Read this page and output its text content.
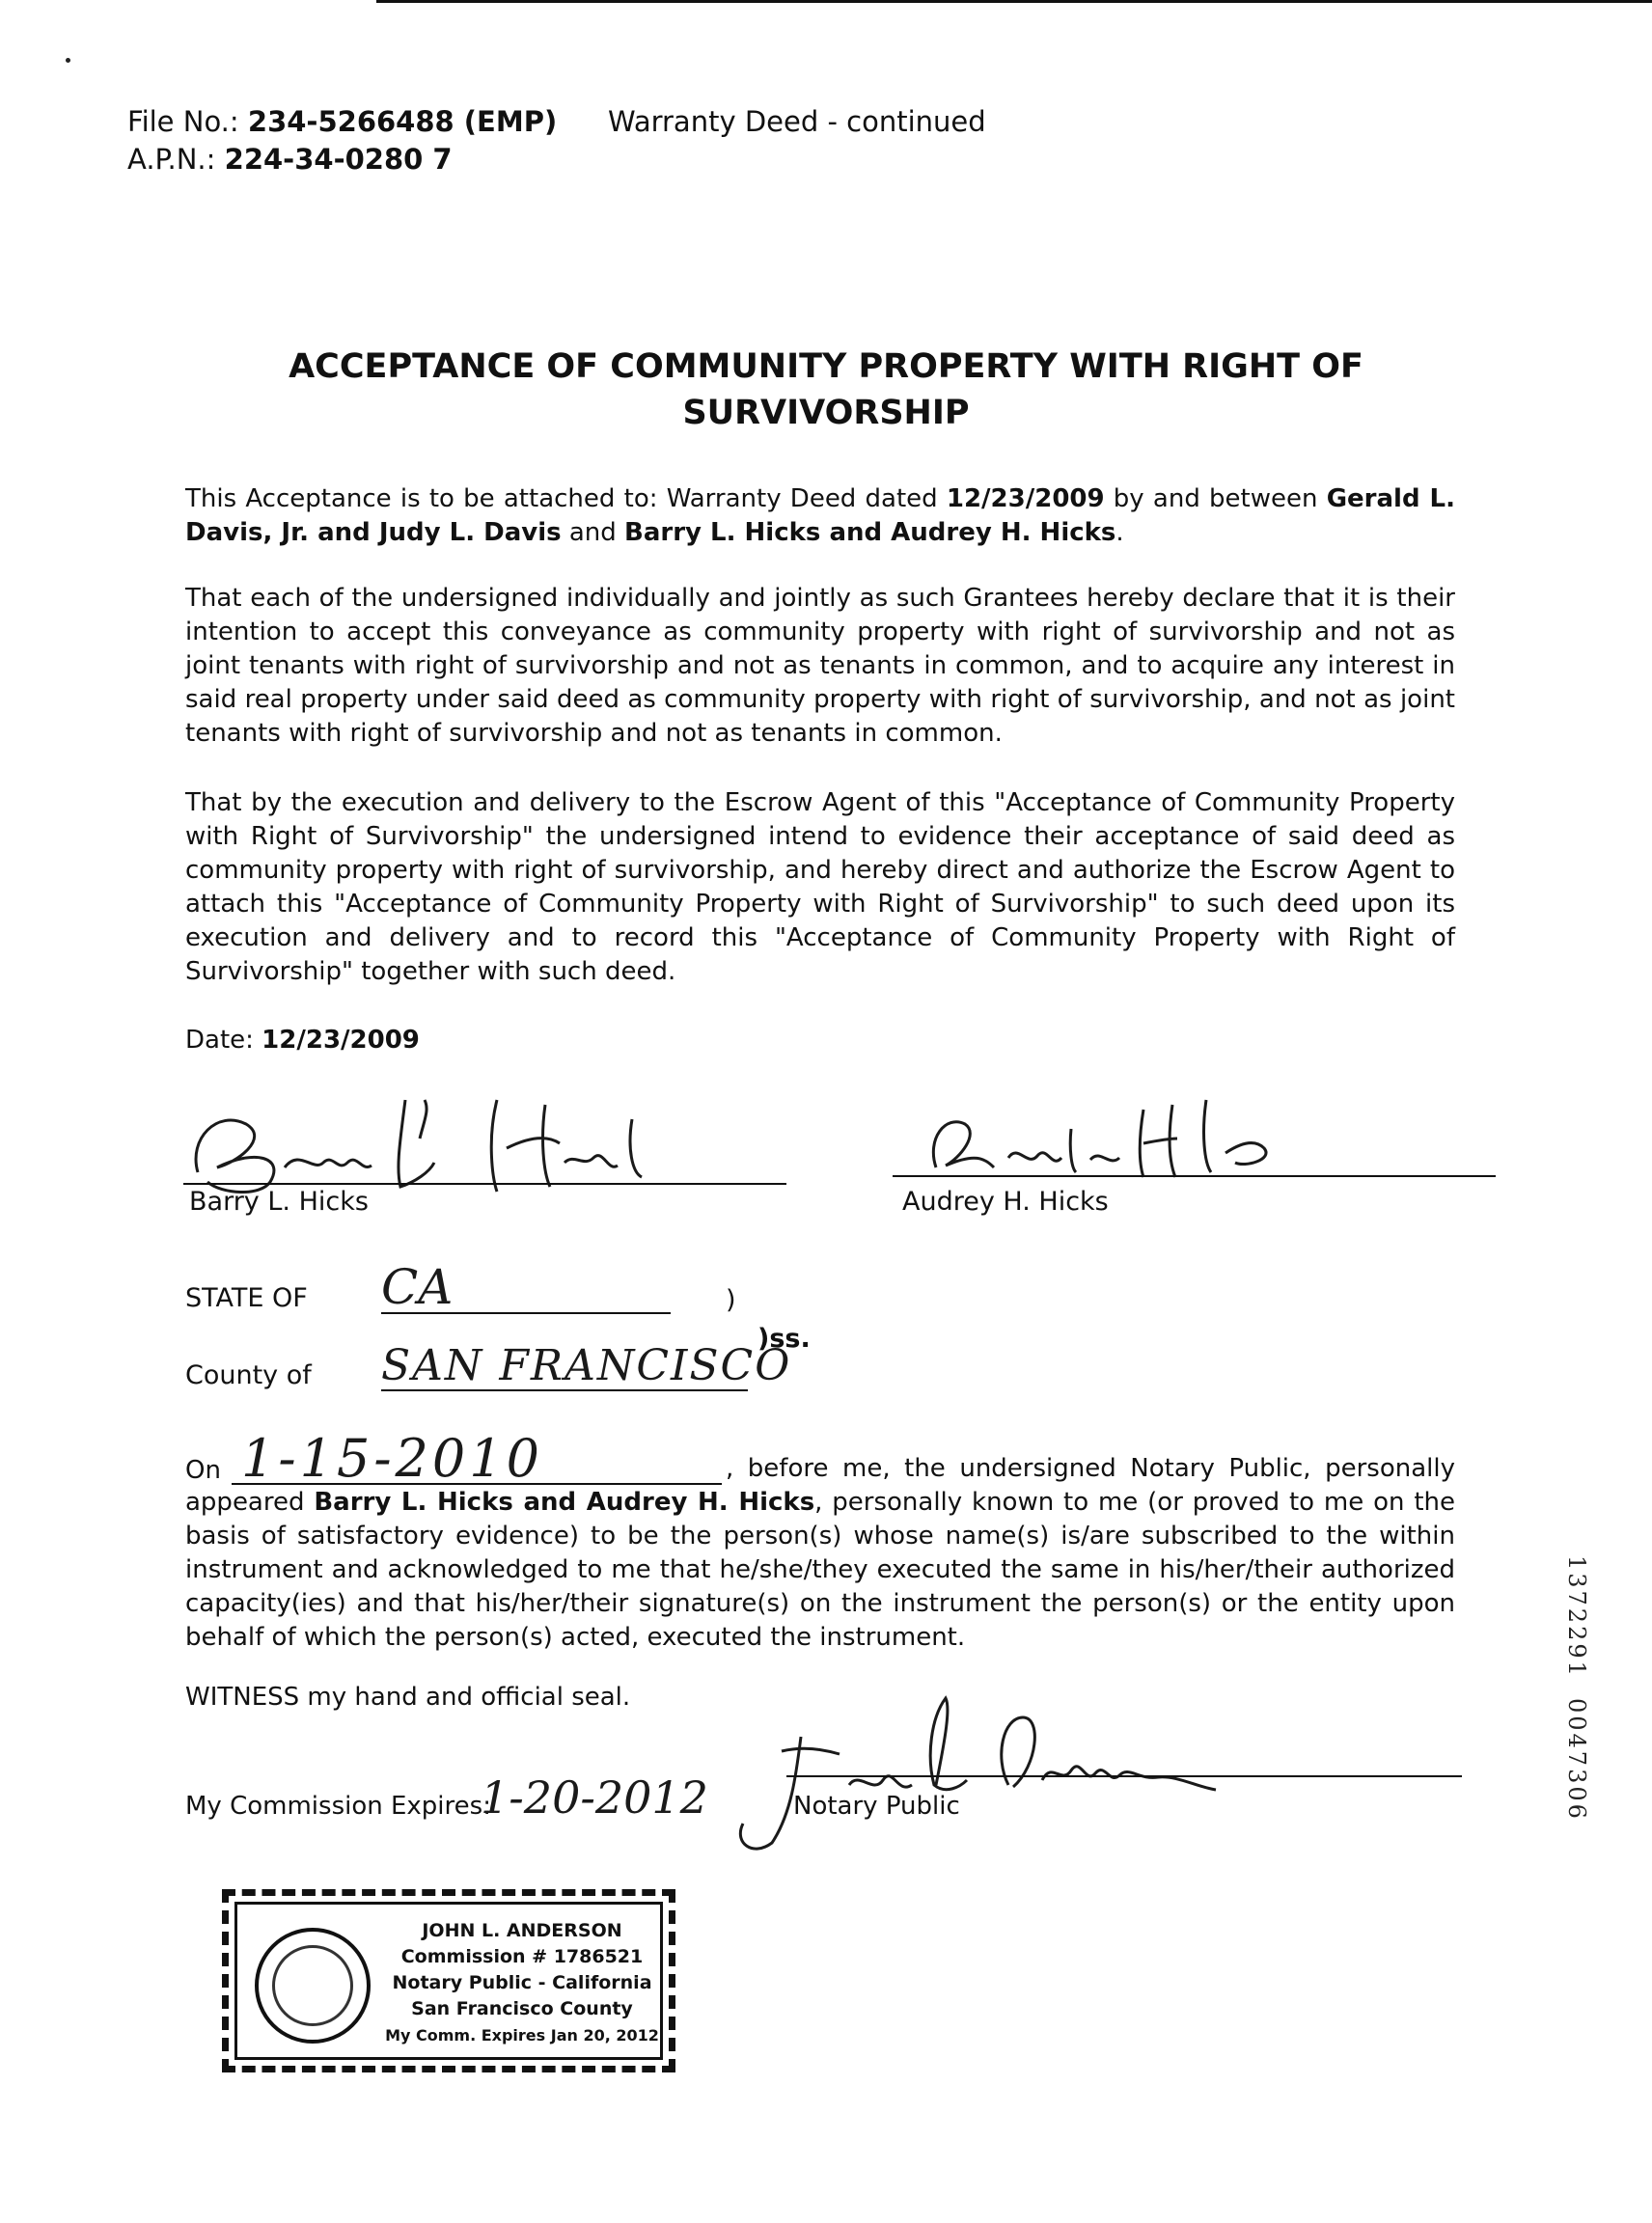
File No.: 234-5266488 (EMP)
A.P.N.: 224-34-0280 7
Warranty Deed - continued
ACCEPTANCE OF COMMUNITY PROPERTY WITH RIGHT OF SURVIVORSHIP
This Acceptance is to be attached to: Warranty Deed dated 12/23/2009 by and between Gerald L. Davis, Jr. and Judy L. Davis and Barry L. Hicks and Audrey H. Hicks.
That each of the undersigned individually and jointly as such Grantees hereby declare that it is their intention to accept this conveyance as community property with right of survivorship and not as joint tenants with right of survivorship and not as tenants in common, and to acquire any interest in said real property under said deed as community property with right of survivorship, and not as joint tenants with right of survivorship and not as tenants in common.
That by the execution and delivery to the Escrow Agent of this "Acceptance of Community Property with Right of Survivorship" the undersigned intend to evidence their acceptance of said deed as community property with right of survivorship, and hereby direct and authorize the Escrow Agent to attach this "Acceptance of Community Property with Right of Survivorship" to such deed upon its execution and delivery and to record this "Acceptance of Community Property with Right of Survivorship" together with such deed.
Date: 12/23/2009
Barry L. Hicks	Audrey H. Hicks
STATE OF CA	)
)ss.
County of SAN FRANCISCO
On 1-15-2010	, before me, the undersigned Notary Public, personally appeared Barry L. Hicks and Audrey H. Hicks, personally known to me (or proved to me on the basis of satisfactory evidence) to be the person(s) whose name(s) is/are subscribed to the within instrument and acknowledged to me that he/she/they executed the same in his/her/their authorized capacity(ies) and that his/her/their signature(s) on the instrument the person(s) or the entity upon behalf of which the person(s) acted, executed the instrument.
WITNESS my hand and official seal.
My Commission Expires:
1-20-2012	Notary Public
JOHN L. ANDERSON
Commission # 1786521
Notary Public - California
San Francisco County
My Comm. Expires Jan 20, 2012
1372291
0047306
